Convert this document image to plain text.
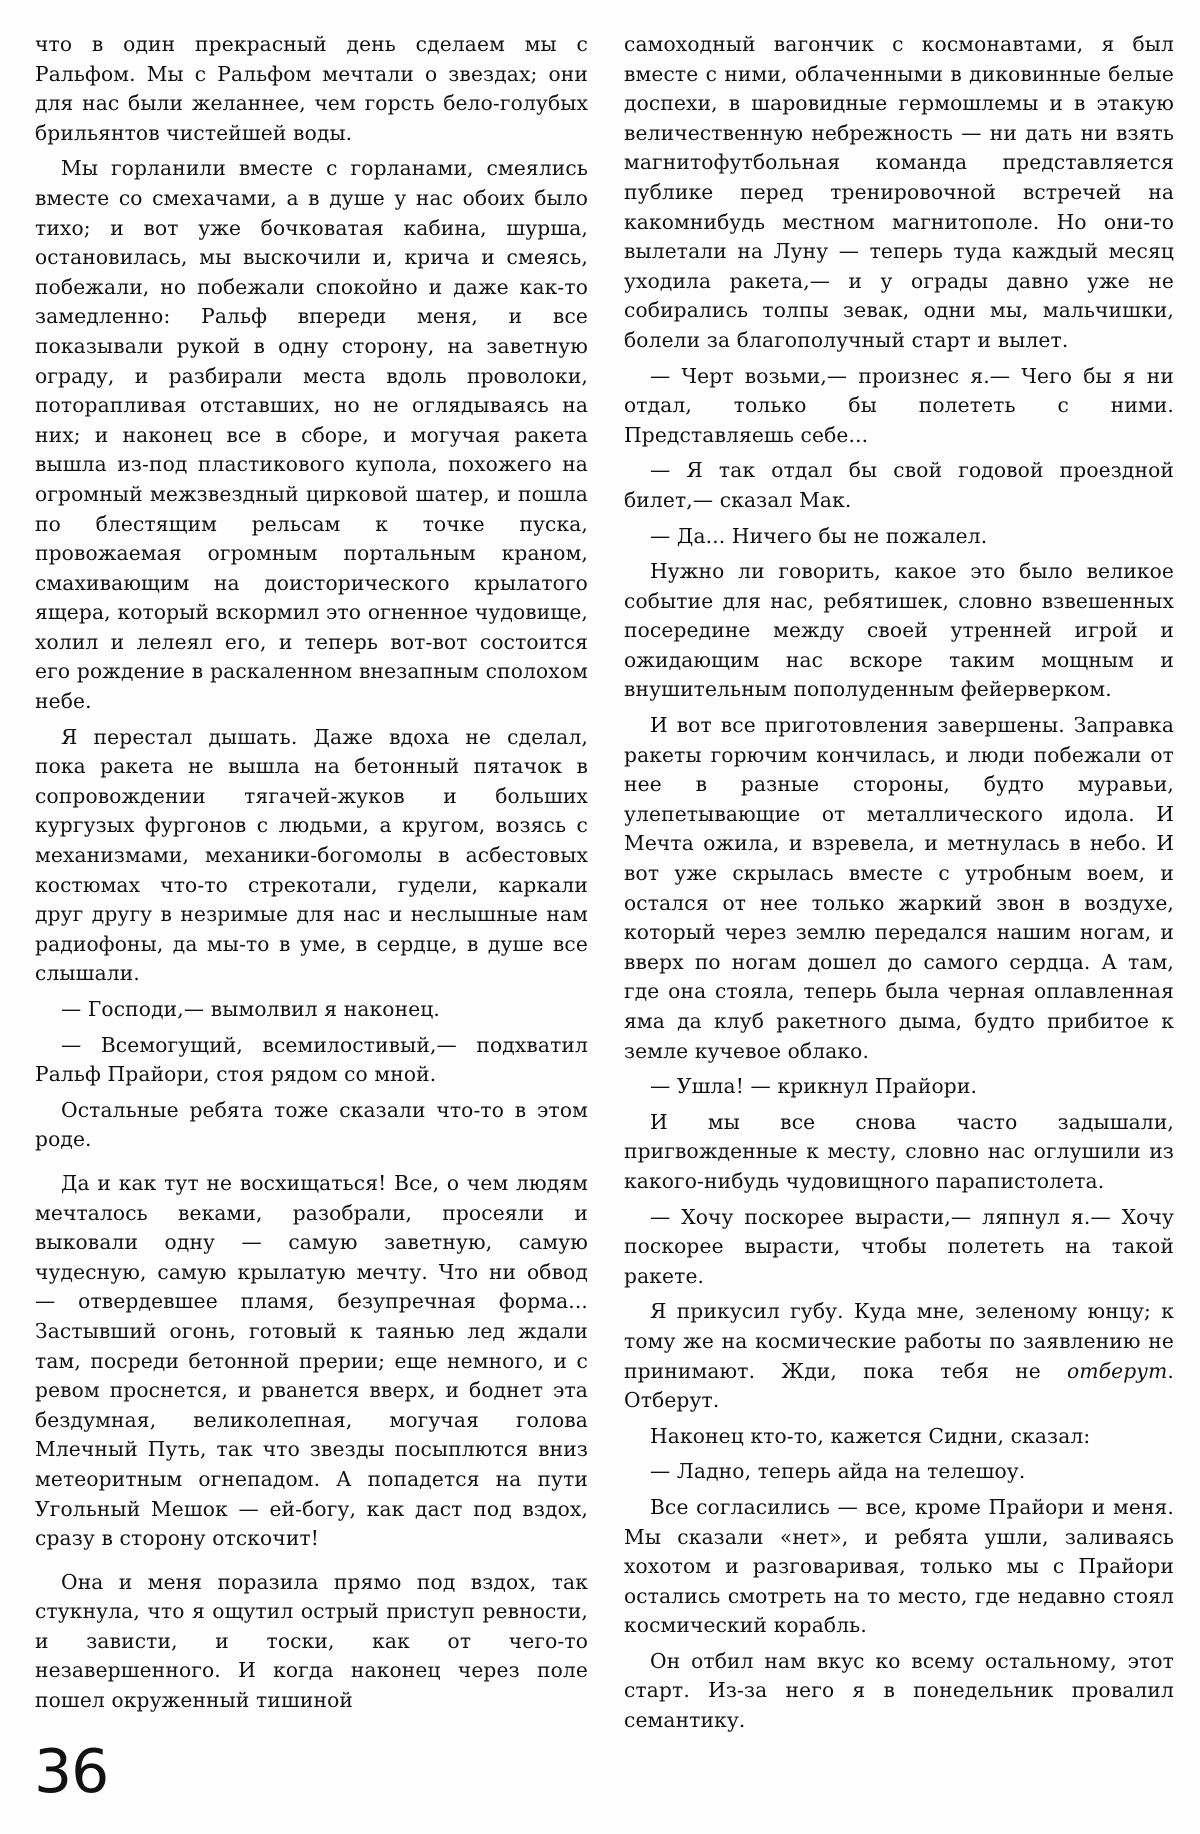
что в один прекрасный день сделаем мы с Ральфом. Мы с Ральфом мечтали о звездах; они для нас были желаннее, чем горсть бело-голубых брильянтов чистейшей воды.

Мы горланили вместе с горланами, смеялись вместе со смехачами, а в душе у нас обоих было тихо; и вот уже бочковатая кабина, шурша, остановилась, мы выскочили и, крича и смеясь, побежали, но побежали спокойно и даже как-то замедленно: Ральф впереди меня, и все показывали рукой в одну сторону, на заветную ограду, и разбирали места вдоль проволоки, поторапливая отставших, но не оглядываясь на них; и наконец все в сборе, и могучая ракета вышла из-под пластикового купола, похожего на огромный межзвездный цирковой шатер, и пошла по блестящим рельсам к точке пуска, провожаемая огромным портальным краном, смахивающим на доисторического крылатого ящера, который вскормил это огненное чудовище, холил и лелеял его, и теперь вот-вот состоится его рождение в раскаленном внезапным сполохом небе.

Я перестал дышать. Даже вдоха не сделал, пока ракета не вышла на бетонный пятачок в сопровождении тягачей-жуков и больших кургузых фургонов с людьми, а кругом, возясь с механизмами, механики-богомолы в асбестовых костюмах что-то стрекотали, гудели, каркали друг другу в незримые для нас и неслышные нам радиофоны, да мы-то в уме, в сердце, в душе все слышали.

— Господи,— вымолвил я наконец.

— Всемогущий, всемилостивый,— подхватил Ральф Прайори, стоя рядом со мной.

Остальные ребята тоже сказали что-то в этом роде.

Да и как тут не восхищаться! Все, о чем людям мечталось веками, разобрали, просеяли и выковали одну — самую заветную, самую чудесную, самую крылатую мечту. Что ни обвод — отвердевшее пламя, безупречная форма... Застывший огонь, готовый к таянью лед ждали там, посреди бетонной прерии; еще немного, и с ревом проснется, и рванется вверх, и боднет эта бездумная, великолепная, могучая голова Млечный Путь, так что звезды посыплются вниз метеоритным огнепадом. А попадется на пути Угольный Мешок — ей-богу, как даст под вздох, сразу в сторону отскочит!

Она и меня поразила прямо под вздох, так стукнула, что я ощутил острый приступ ревности, и зависти, и тоски, как от чего-то незавершенного. И когда наконец через поле пошел окруженный тишиной

самоходный вагончик с космонавтами, я был вместе с ними, облаченными в диковинные белые доспехи, в шаровидные гермошлемы и в этакую величественную небрежность — ни дать ни взять магнитофутбольная команда представляется публике перед тренировочной встречей на какомнибудь местном магнитополе. Но они-то вылетали на Луну — теперь туда каждый месяц уходила ракета,— и у ограды давно уже не собирались толпы зевак, одни мы, мальчишки, болели за благополучный старт и вылет.

— Черт возьми,— произнес я.— Чего бы я ни отдал, только бы полететь с ними. Представляешь себе...

— Я так отдал бы свой годовой проездной билет,— сказал Мак.

— Да... Ничего бы не пожалел.

Нужно ли говорить, какое это было великое событие для нас, ребятишек, словно взвешенных посередине между своей утренней игрой и ожидающим нас вскоре таким мощным и внушительным пополуденным фейерверком.

И вот все приготовления завершены. Заправка ракеты горючим кончилась, и люди побежали от нее в разные стороны, будто муравьи, улепетывающие от металлического идола. И Мечта ожила, и взревела, и метнулась в небо. И вот уже скрылась вместе с утробным воем, и остался от нее только жаркий звон в воздухе, который через землю передался нашим ногам, и вверх по ногам дошел до самого сердца. А там, где она стояла, теперь была черная оплавленная яма да клуб ракетного дыма, будто прибитое к земле кучевое облако.

— Ушла! — крикнул Прайори.

И мы все снова часто задышали, пригвожденные к месту, словно нас оглушили из какого-нибудь чудовищного парапистолета.

— Хочу поскорее вырасти,— ляпнул я.— Хочу поскорее вырасти, чтобы полететь на такой ракете.

Я прикусил губу. Куда мне, зеленому юнцу; к тому же на космические работы по заявлению не принимают. Жди, пока тебя не отберут. Отберут.

Наконец кто-то, кажется Сидни, сказал:

— Ладно, теперь айда на телешоу.

Все согласились — все, кроме Прайори и меня. Мы сказали «нет», и ребята ушли, заливаясь хохотом и разговаривая, только мы с Прайори остались смотреть на то место, где недавно стоял космический корабль.

Он отбил нам вкус ко всему остальному, этот старт. Из-за него я в понедельник провалил семантику.

36
